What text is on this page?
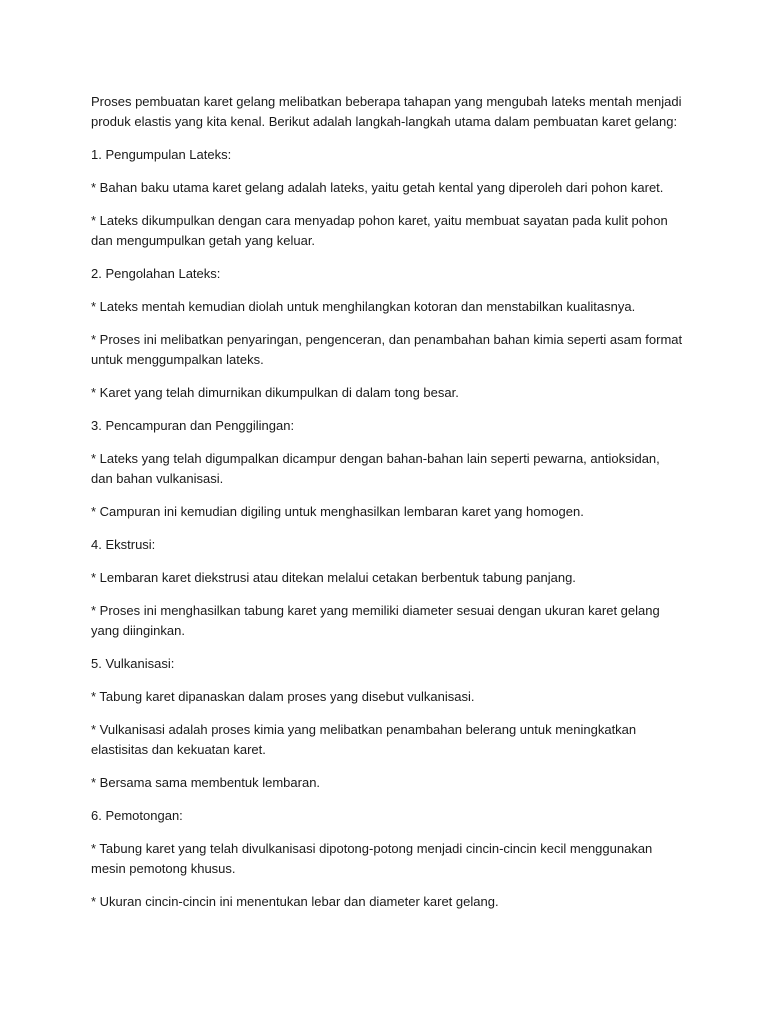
Proses pembuatan karet gelang melibatkan beberapa tahapan yang mengubah lateks mentah menjadi produk elastis yang kita kenal. Berikut adalah langkah-langkah utama dalam pembuatan karet gelang:

1. Pengumpulan Lateks:

* Bahan baku utama karet gelang adalah lateks, yaitu getah kental yang diperoleh dari pohon karet.

* Lateks dikumpulkan dengan cara menyadap pohon karet, yaitu membuat sayatan pada kulit pohon dan mengumpulkan getah yang keluar.

2. Pengolahan Lateks:

* Lateks mentah kemudian diolah untuk menghilangkan kotoran dan menstabilkan kualitasnya.

* Proses ini melibatkan penyaringan, pengenceran, dan penambahan bahan kimia seperti asam format untuk menggumpalkan lateks.

* Karet yang telah dimurnikan dikumpulkan di dalam tong besar.

3. Pencampuran dan Penggilingan:

* Lateks yang telah digumpalkan dicampur dengan bahan-bahan lain seperti pewarna, antioksidan, dan bahan vulkanisasi.

* Campuran ini kemudian digiling untuk menghasilkan lembaran karet yang homogen.

4. Ekstrusi:

* Lembaran karet diekstrusi atau ditekan melalui cetakan berbentuk tabung panjang.

* Proses ini menghasilkan tabung karet yang memiliki diameter sesuai dengan ukuran karet gelang yang diinginkan.

5. Vulkanisasi:

* Tabung karet dipanaskan dalam proses yang disebut vulkanisasi.

* Vulkanisasi adalah proses kimia yang melibatkan penambahan belerang untuk meningkatkan elastisitas dan kekuatan karet.

* Bersama sama membentuk lembaran.

6. Pemotongan:

* Tabung karet yang telah divulkanisasi dipotong-potong menjadi cincin-cincin kecil menggunakan mesin pemotong khusus.

* Ukuran cincin-cincin ini menentukan lebar dan diameter karet gelang.
